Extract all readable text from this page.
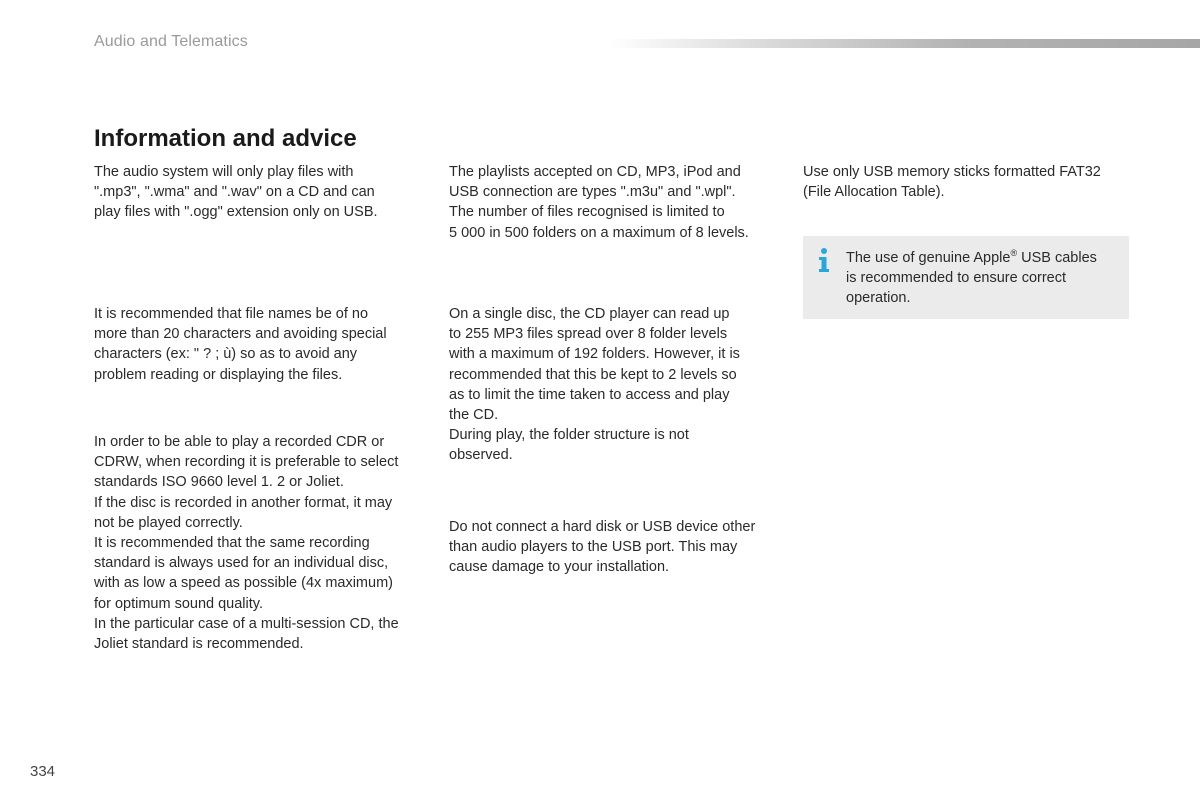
Audio and Telematics
Information and advice

The audio system will only play files with
".mp3", ".wma" and ".wav" on a CD and can
play files with ".ogg" extension only on USB.

It is recommended that file names be of no
more than 20 characters and avoiding special
characters (ex: " ? ; ù) so as to avoid any
problem reading or displaying the files.

In order to be able to play a recorded CDR or
CDRW, when recording it is preferable to select
standards ISO 9660 level 1. 2 or Joliet.
If the disc is recorded in another format, it may
not be played correctly.
It is recommended that the same recording
standard is always used for an individual disc,
with as low a speed as possible (4x maximum)
for optimum sound quality.
In the particular case of a multi-session CD, the
Joliet standard is recommended.

The playlists accepted on CD, MP3, iPod and
USB connection are types ".m3u" and ".wpl".
The number of files recognised is limited to
5 000 in 500 folders on a maximum of 8 levels.

On a single disc, the CD player can read up
to 255 MP3 files spread over 8 folder levels
with a maximum of 192 folders. However, it is
recommended that this be kept to 2 levels so
as to limit the time taken to access and play
the CD.
During play, the folder structure is not
observed.

Do not connect a hard disk or USB device other
than audio players to the USB port. This may
cause damage to your installation.

Use only USB memory sticks formatted FAT32
(File Allocation Table).

The use of genuine Apple® USB cables
is recommended to ensure correct
operation.

334
